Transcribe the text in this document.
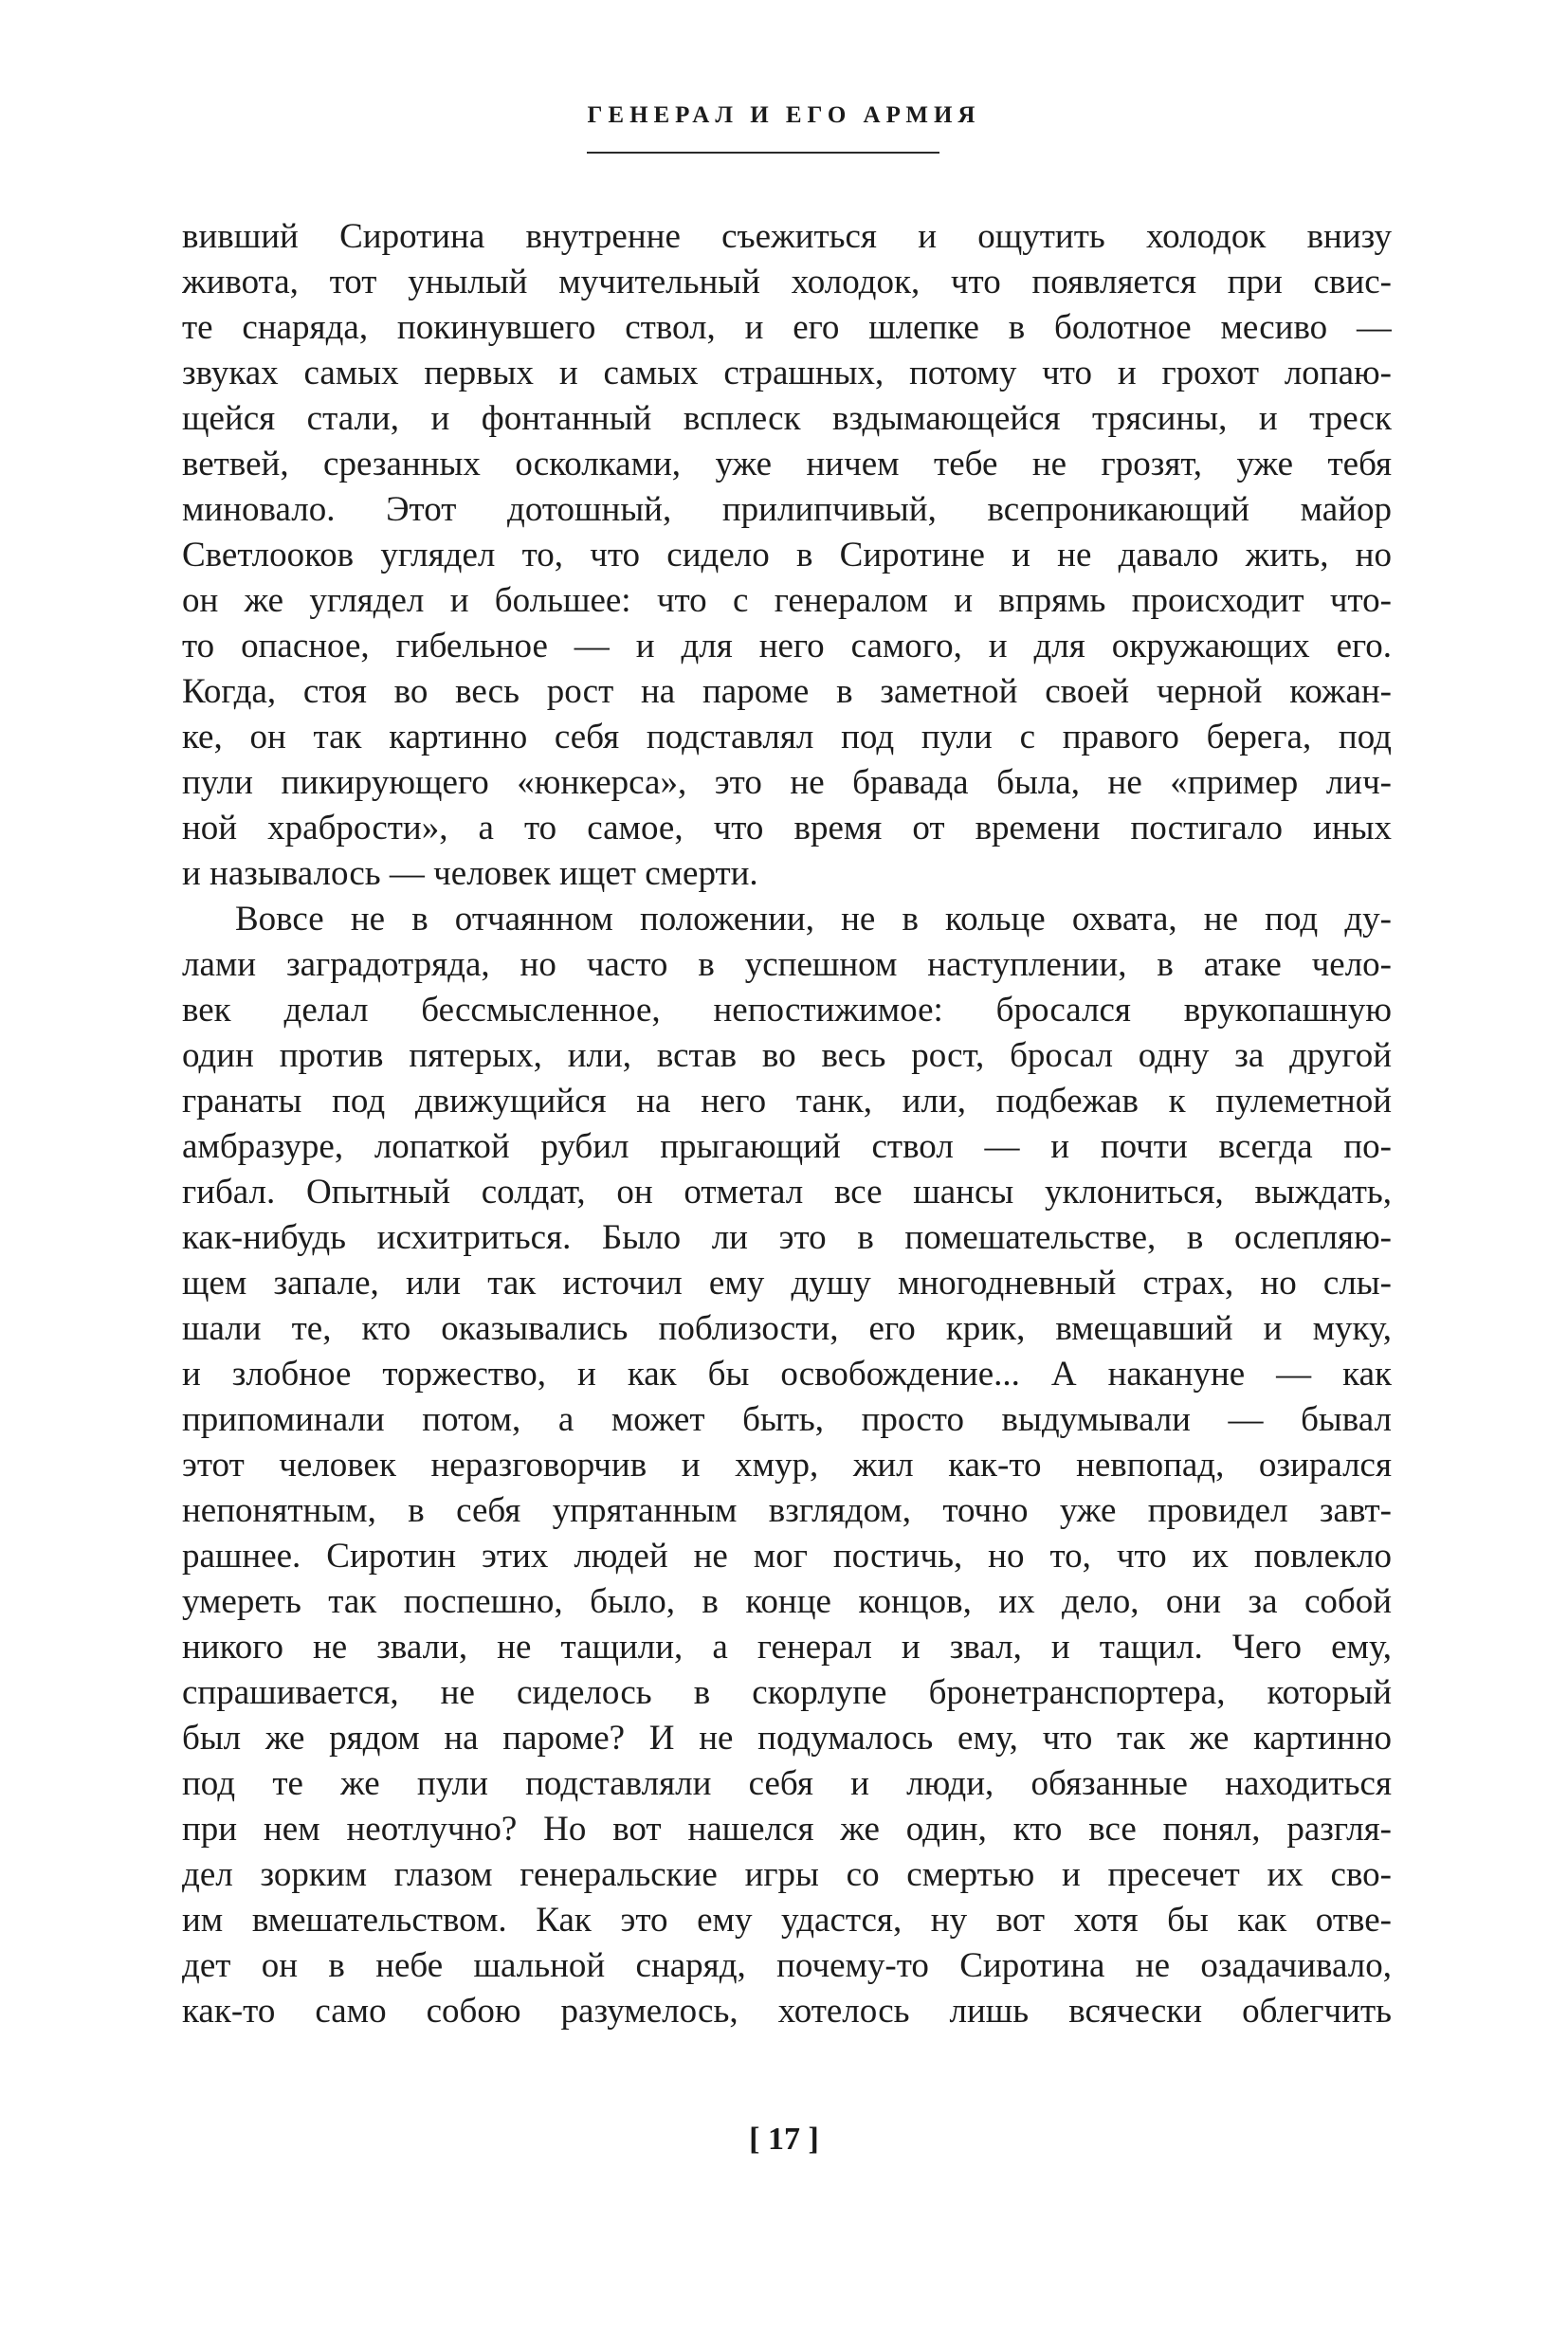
ГЕНЕРАЛ И ЕГО АРМИЯ
вивший Сиротина внутренне съежиться и ощутить холодок внизу
живота, тот унылый мучительный холодок, что появляется при свис-
те снаряда, покинувшего ствол, и его шлепке в болотное месиво —
звуках самых первых и самых страшных, потому что и грохот лопаю-
щейся стали, и фонтанный всплеск вздымающейся трясины, и треск
ветвей, срезанных осколками, уже ничем тебе не грозят, уже тебя
миновало. Этот дотошный, прилипчивый, всепроникающий майор
Светлооков углядел то, что сидело в Сиротине и не давало жить, но
он же углядел и большее: что с генералом и впрямь происходит что-
то опасное, гибельное — и для него самого, и для окружающих его.
Когда, стоя во весь рост на пароме в заметной своей черной кожан-
ке, он так картинно себя подставлял под пули с правого берега, под
пули пикирующего «юнкерса», это не бравада была, не «пример лич-
ной храбрости», а то самое, что время от времени постигало иных
и называлось — человек ищет смерти.
Вовсе не в отчаянном положении, не в кольце охвата, не под ду-
лами заградотряда, но часто в успешном наступлении, в атаке чело-
век делал бессмысленное, непостижимое: бросался врукопашную
один против пятерых, или, встав во весь рост, бросал одну за другой
гранаты под движущийся на него танк, или, подбежав к пулеметной
амбразуре, лопаткой рубил прыгающий ствол — и почти всегда по-
гибал. Опытный солдат, он отметал все шансы уклониться, выждать,
как-нибудь исхитриться. Было ли это в помешательстве, в ослепляю-
щем запале, или так источил ему душу многодневный страх, но слы-
шали те, кто оказывались поблизости, его крик, вмещавший и муку,
и злобное торжество, и как бы освобождение... А накануне — как
припоминали потом, а может быть, просто выдумывали — бывал
этот человек неразговорчив и хмур, жил как-то невпопад, озирался
непонятным, в себя упрятанным взглядом, точно уже провидел завт-
рашнее. Сиротин этих людей не мог постичь, но то, что их повлекло
умереть так поспешно, было, в конце концов, их дело, они за собой
никого не звали, не тащили, а генерал и звал, и тащил. Чего ему,
спрашивается, не сиделось в скорлупе бронетранспортера, который
был же рядом на пароме? И не подумалось ему, что так же картинно
под те же пули подставляли себя и люди, обязанные находиться
при нем неотлучно? Но вот нашелся же один, кто все понял, разгля-
дел зорким глазом генеральские игры со смертью и пресечет их сво-
им вмешательством. Как это ему удастся, ну вот хотя бы как отве-
дет он в небе шальной снаряд, почему-то Сиротина не озадачивало,
как-то само собою разумелось, хотелось лишь всячески облегчить
[ 17 ]
